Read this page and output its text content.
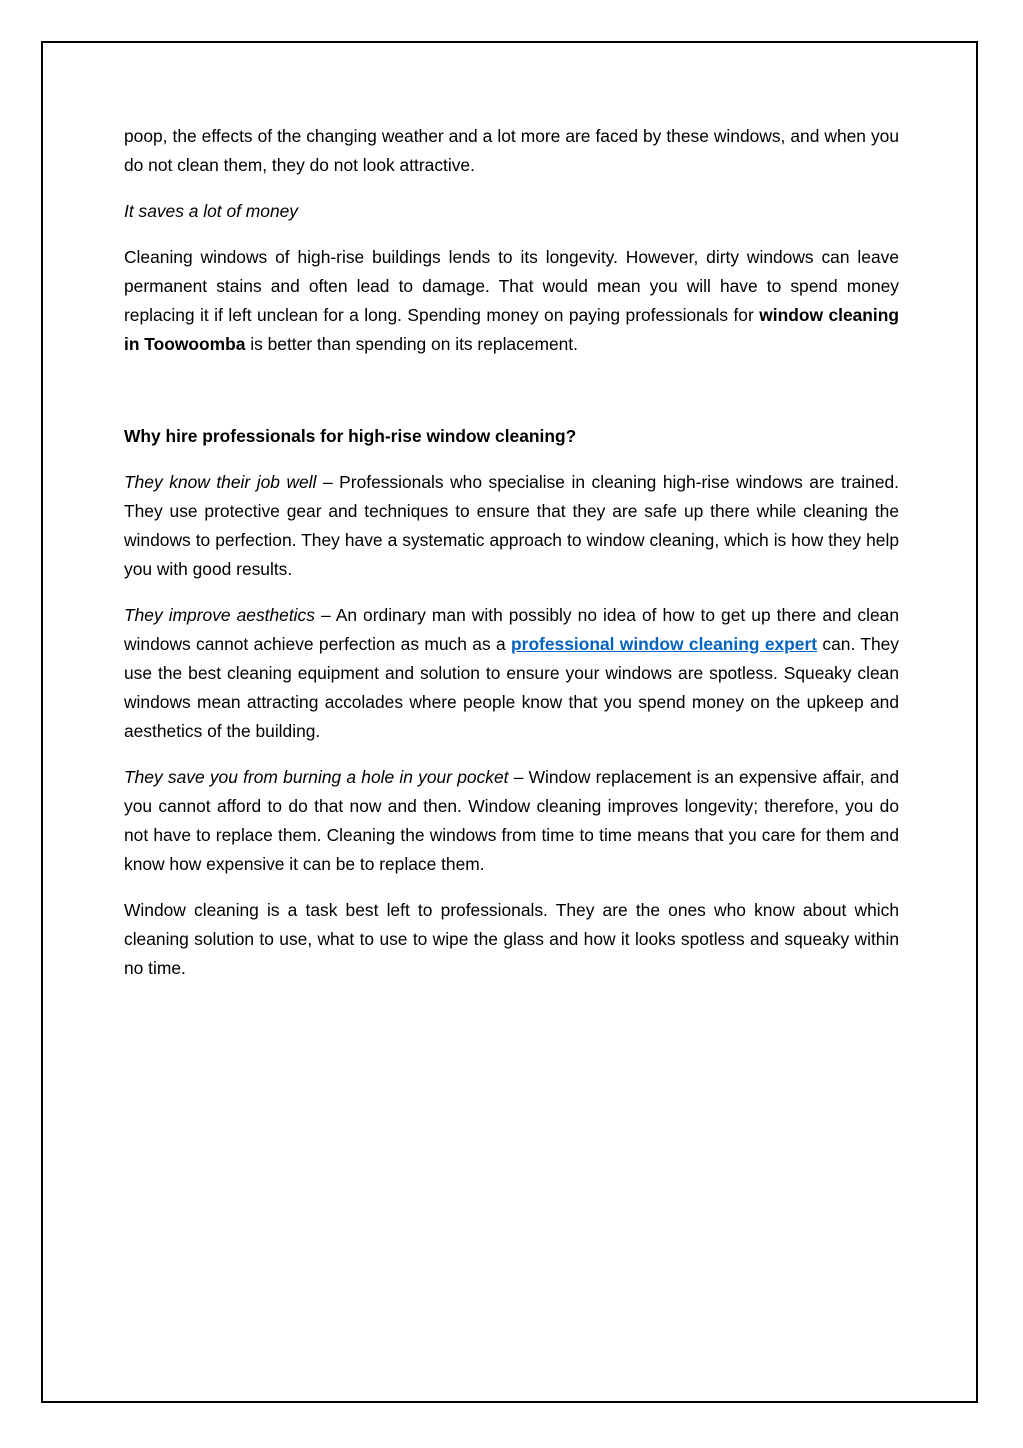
poop, the effects of the changing weather and a lot more are faced by these windows, and when you do not clean them, they do not look attractive.

It saves a lot of money

Cleaning windows of high-rise buildings lends to its longevity. However, dirty windows can leave permanent stains and often lead to damage. That would mean you will have to spend money replacing it if left unclean for a long. Spending money on paying professionals for window cleaning in Toowoomba is better than spending on its replacement.

Why hire professionals for high-rise window cleaning?

They know their job well – Professionals who specialise in cleaning high-rise windows are trained. They use protective gear and techniques to ensure that they are safe up there while cleaning the windows to perfection. They have a systematic approach to window cleaning, which is how they help you with good results.

They improve aesthetics – An ordinary man with possibly no idea of how to get up there and clean windows cannot achieve perfection as much as a professional window cleaning expert can. They use the best cleaning equipment and solution to ensure your windows are spotless. Squeaky clean windows mean attracting accolades where people know that you spend money on the upkeep and aesthetics of the building.

They save you from burning a hole in your pocket – Window replacement is an expensive affair, and you cannot afford to do that now and then. Window cleaning improves longevity; therefore, you do not have to replace them. Cleaning the windows from time to time means that you care for them and know how expensive it can be to replace them.

Window cleaning is a task best left to professionals. They are the ones who know about which cleaning solution to use, what to use to wipe the glass and how it looks spotless and squeaky within no time.
